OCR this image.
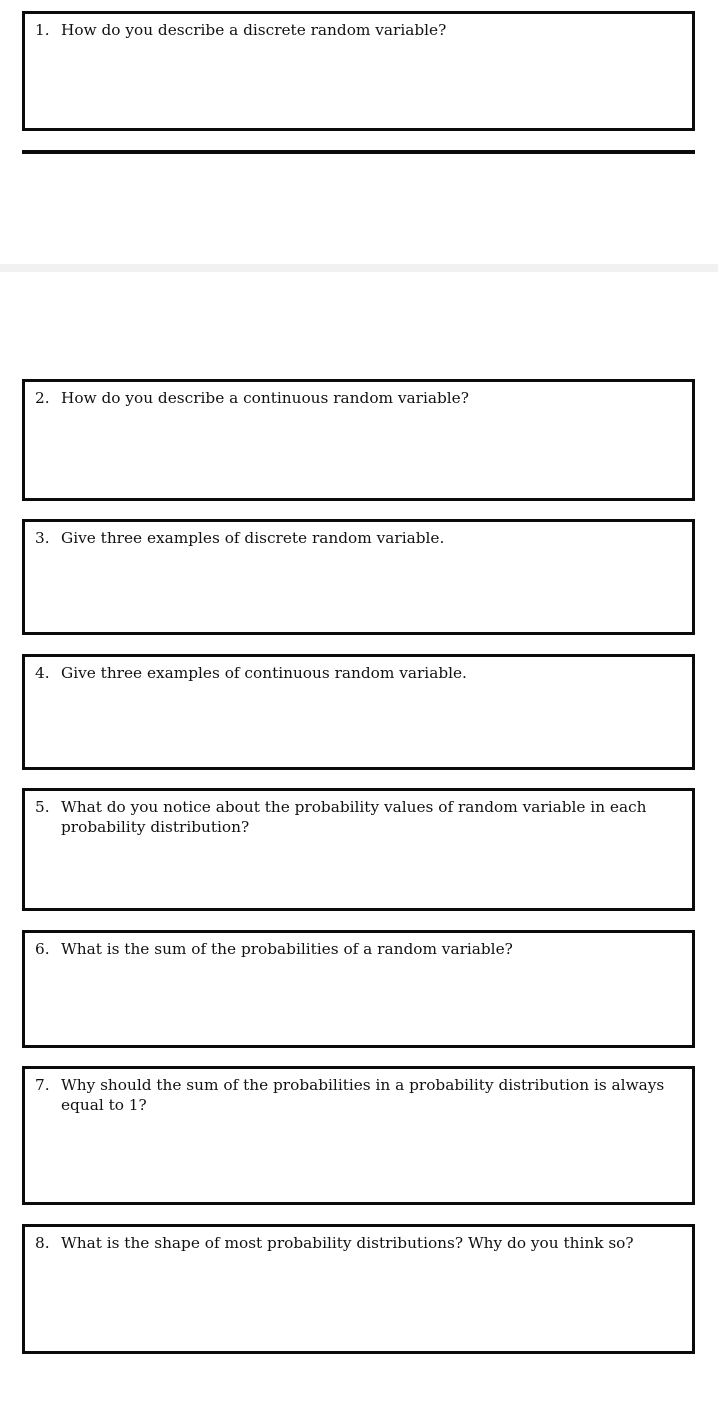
1. How do you describe a discrete random variable?
2. How do you describe a continuous random variable?
3. Give three examples of discrete random variable.
4. Give three examples of continuous random variable.
5. What do you notice about the probability values of random variable in each probability distribution?
6. What is the sum of the probabilities of a random variable?
7. Why should the sum of the probabilities in a probability distribution is always equal to 1?
8. What is the shape of most probability distributions? Why do you think so?
